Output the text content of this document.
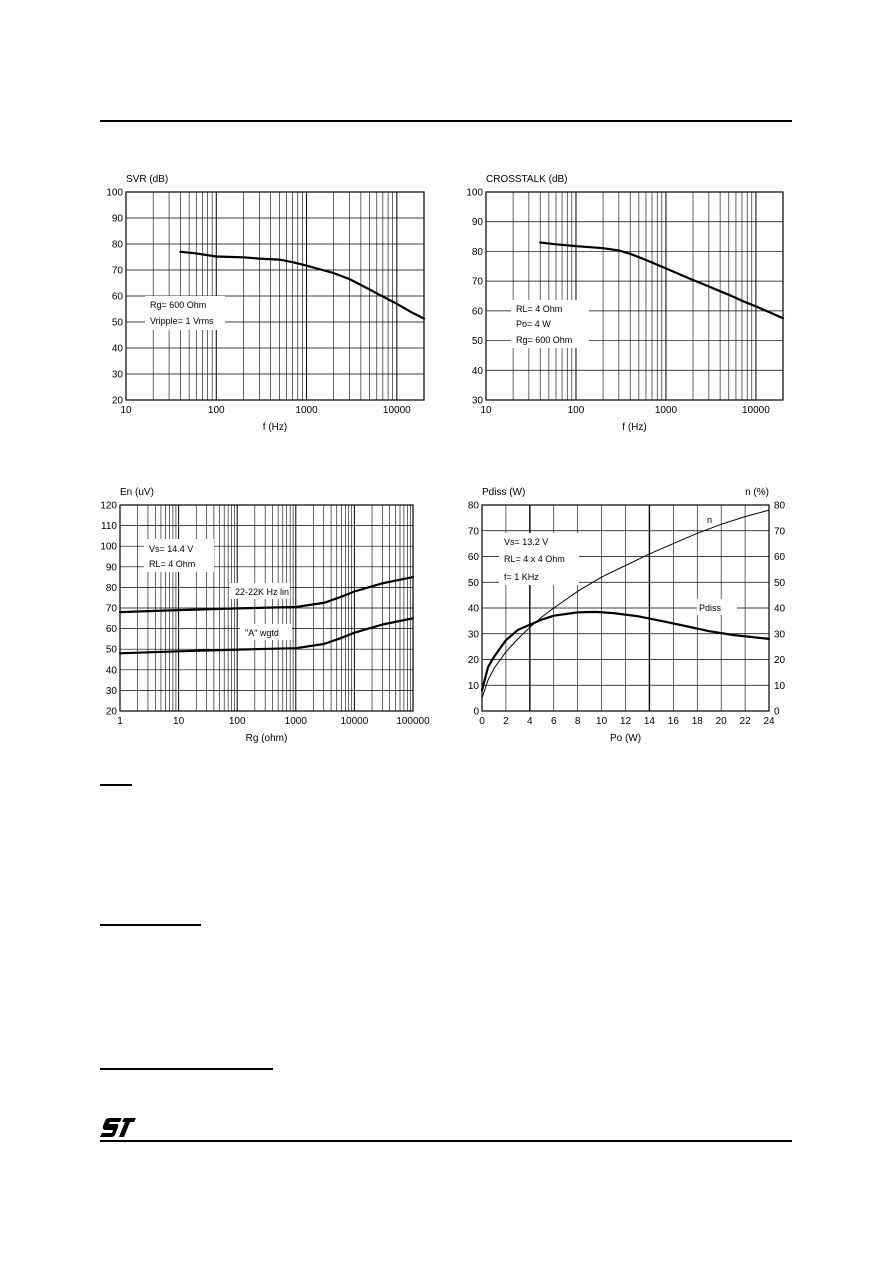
20
30
40
50
60
70
80
90
100
10	100	1000	10000
SVR (dB)
f (Hz)
Rg= 600 Ohm
Vripple= 1 Vrms
30
40
50
60
70
80
90
100
10	100	1000	10000
CROSSTALK (dB)
f (Hz)
RL= 4 Ohm
Po= 4 W
Rg= 600 Ohm
20
30
40
50
60
70
80
90
100
110
120
1	10	100	1000	10000	100000
En (uV)
Rg (ohm)
Vs= 14.4 V
RL= 4 Ohm
22-22K Hz lin
"A" wgtd
0
10
20
30
40
50
60
70
80
0
10
20
30
40
50
60
70
80
0 2 4 6 8 10 12 14 16 18 20 22 24
Pdiss (W)	n (%)
Po (W)
Vs= 13.2 V
RL= 4 x 4 Ohm
f= 1 KHz
n
Pdiss
